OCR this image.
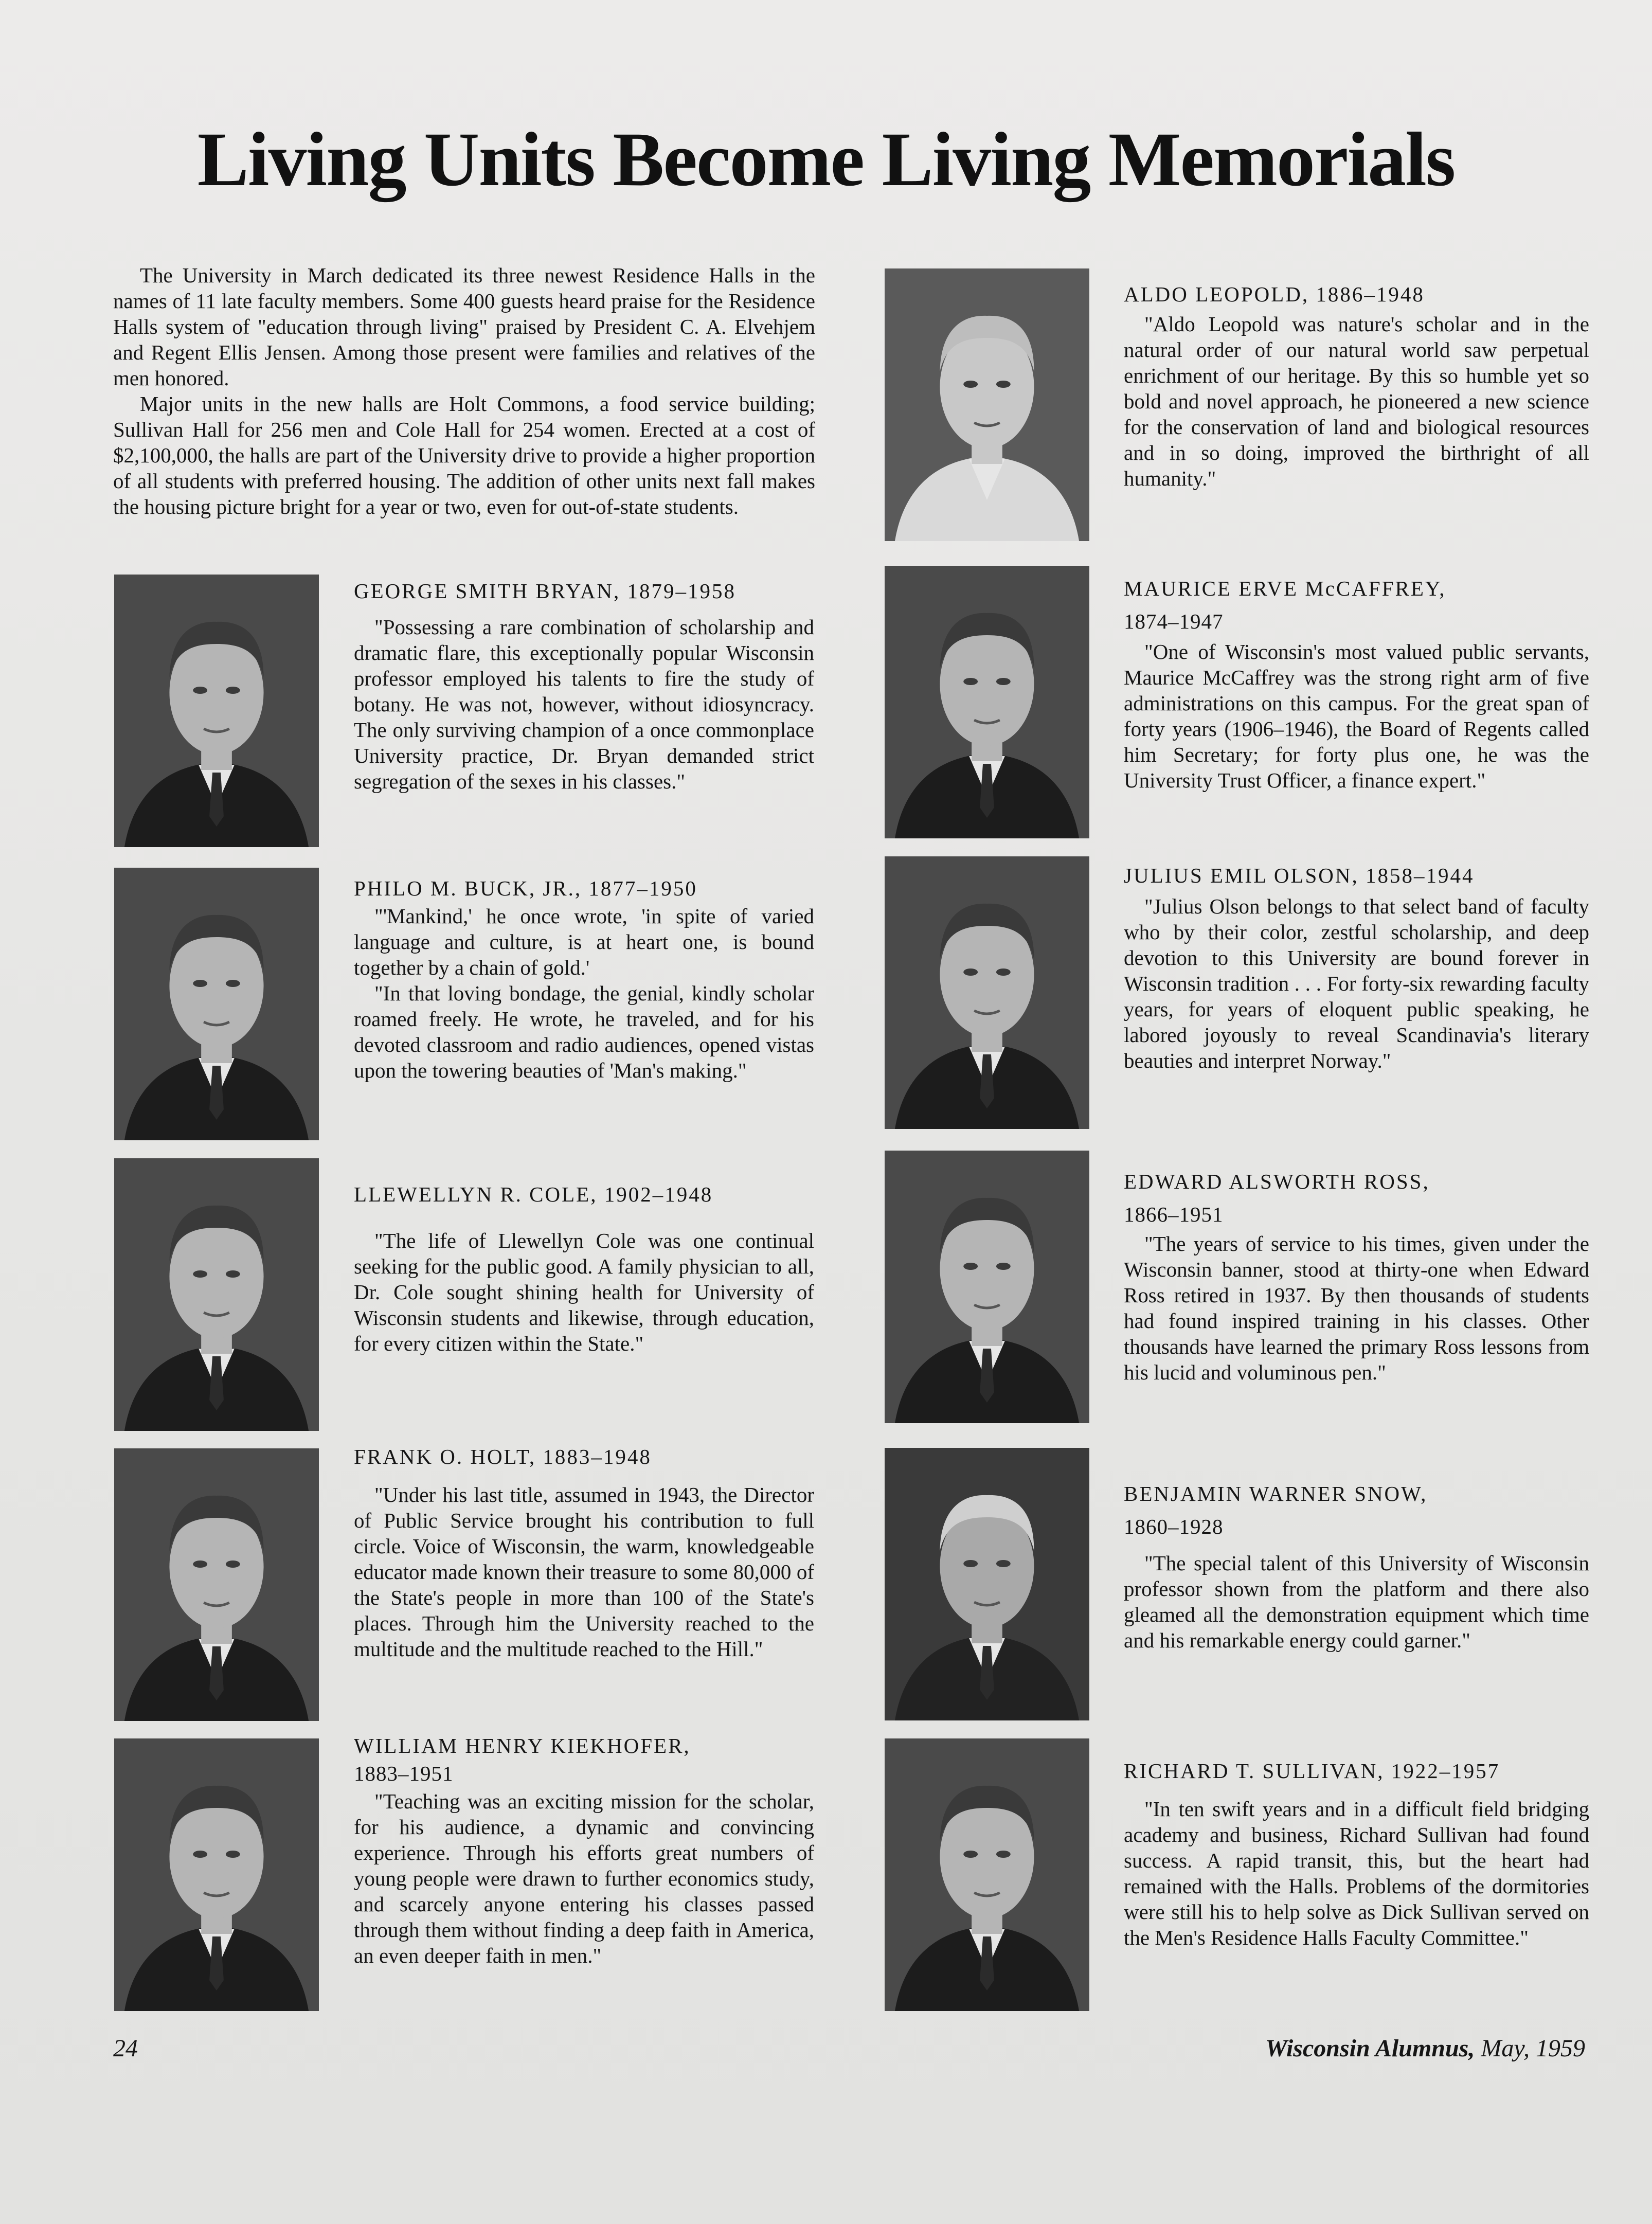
Living Units Become Living Memorials

The University in March dedicated its three newest Residence Halls in the names of 11 late faculty members. Some 400 guests heard praise for the Residence Halls system of "education through living" praised by President C. A. Elvehjem and Regent Ellis Jensen. Among those present were families and relatives of the men honored.

Major units in the new halls are Holt Commons, a food service building; Sullivan Hall for 256 men and Cole Hall for 254 women. Erected at a cost of $2,100,000, the halls are part of the University drive to provide a higher proportion of all students with preferred housing. The addition of other units next fall makes the housing picture bright for a year or two, even for out-of-state students.

GEORGE SMITH BRYAN, 1879–1958

"Possessing a rare combination of scholarship and dramatic flare, this exceptionally popular Wisconsin professor employed his talents to fire the study of botany. He was not, however, without idiosyncracy. The only surviving champion of a once commonplace University practice, Dr. Bryan demanded strict segregation of the sexes in his classes."

PHILO M. BUCK, JR., 1877–1950

"'Mankind,' he once wrote, 'in spite of varied language and culture, is at heart one, is bound together by a chain of gold.'

"In that loving bondage, the genial, kindly scholar roamed freely. He wrote, he traveled, and for his devoted classroom and radio audiences, opened vistas upon the towering beauties of 'Man's making."

LLEWELLYN R. COLE, 1902–1948

"The life of Llewellyn Cole was one continual seeking for the public good. A family physician to all, Dr. Cole sought shining health for University of Wisconsin students and likewise, through education, for every citizen within the State."

FRANK O. HOLT, 1883–1948

"Under his last title, assumed in 1943, the Director of Public Service brought his contribution to full circle. Voice of Wisconsin, the warm, knowledgeable educator made known their treasure to some 80,000 of the State's people in more than 100 of the State's places. Through him the University reached to the multitude and the multitude reached to the Hill."

WILLIAM HENRY KIEKHOFER,
1883–1951

"Teaching was an exciting mission for the scholar, for his audience, a dynamic and convincing experience. Through his efforts great numbers of young people were drawn to further economics study, and scarcely anyone entering his classes passed through them without finding a deep faith in America, an even deeper faith in men."

ALDO LEOPOLD, 1886–1948

"Aldo Leopold was nature's scholar and in the natural order of our natural world saw perpetual enrichment of our heritage. By this so humble yet so bold and novel approach, he pioneered a new science for the conservation of land and biological resources and in so doing, improved the birthright of all humanity."

MAURICE ERVE McCAFFREY,
1874–1947

"One of Wisconsin's most valued public servants, Maurice McCaffrey was the strong right arm of five administrations on this campus. For the great span of forty years (1906–1946), the Board of Regents called him Secretary; for forty plus one, he was the University Trust Officer, a finance expert."

JULIUS EMIL OLSON, 1858–1944

"Julius Olson belongs to that select band of faculty who by their color, zestful scholarship, and deep devotion to this University are bound forever in Wisconsin tradition . . . For forty-six rewarding faculty years, for years of eloquent public speaking, he labored joyously to reveal Scandinavia's literary beauties and interpret Norway."

EDWARD ALSWORTH ROSS,
1866–1951

"The years of service to his times, given under the Wisconsin banner, stood at thirty-one when Edward Ross retired in 1937. By then thousands of students had found inspired training in his classes. Other thousands have learned the primary Ross lessons from his lucid and voluminous pen."

BENJAMIN WARNER SNOW,
1860–1928

"The special talent of this University of Wisconsin professor shown from the platform and there also gleamed all the demonstration equipment which time and his remarkable energy could garner."

RICHARD T. SULLIVAN, 1922–1957

"In ten swift years and in a difficult field bridging academy and business, Richard Sullivan had found success. A rapid transit, this, but the heart had remained with the Halls. Problems of the dormitories were still his to help solve as Dick Sullivan served on the Men's Residence Halls Faculty Committee."

24	Wisconsin Alumnus, May, 1959
